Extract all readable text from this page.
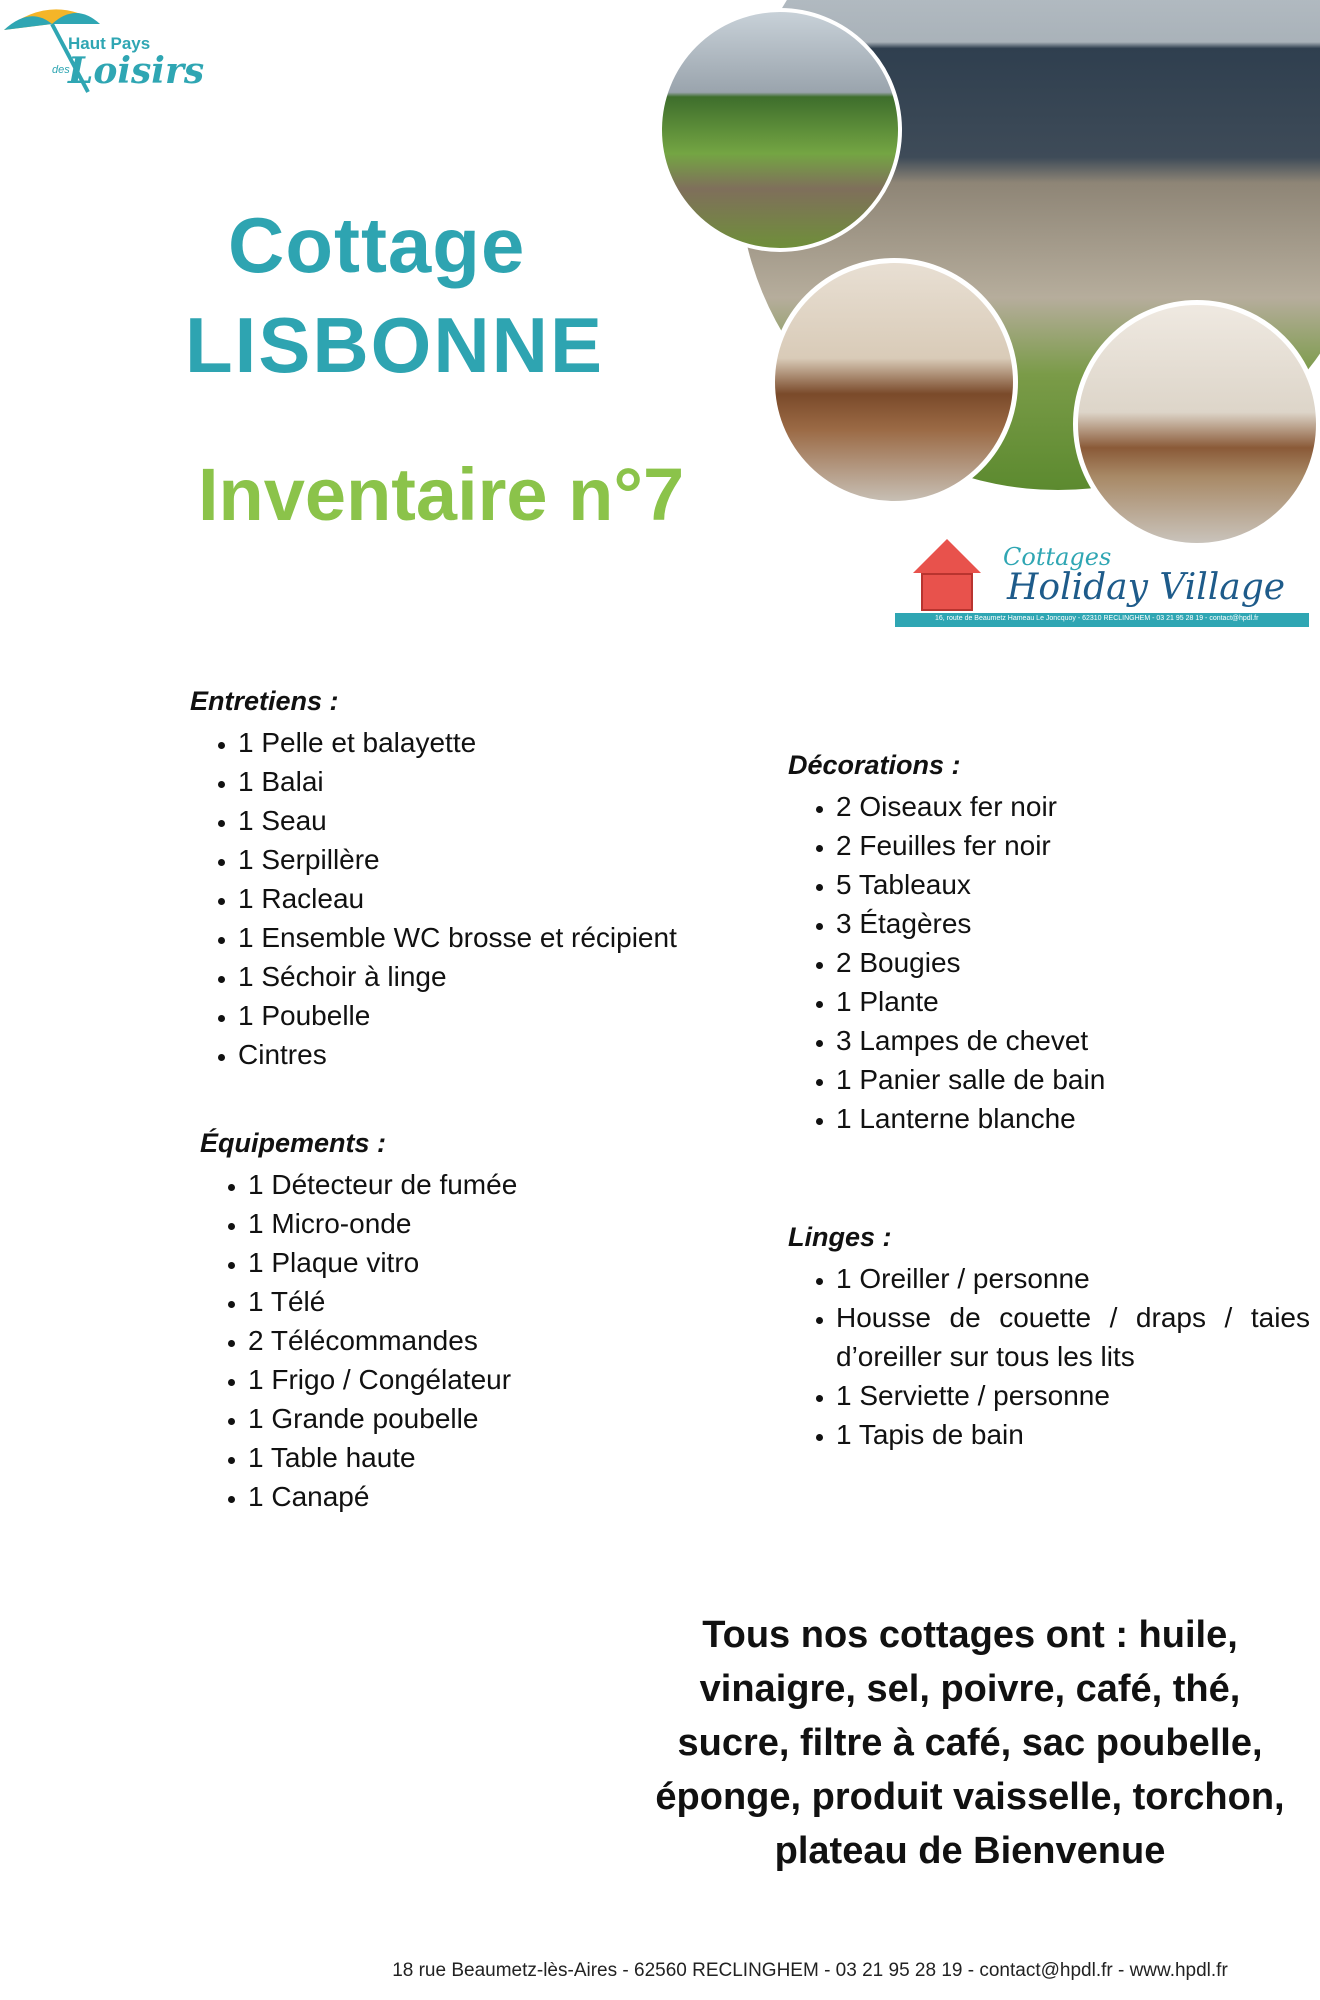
Haut Pays
des
Loisirs
Cottage
LISBONNE
Inventaire n°7
Cottages
Holiday Village
16, route de Beaumetz Hameau Le Joncquoy - 62310 RECLINGHEM - 03 21 95 28 19 - contact@hpdl.fr
Entretiens :
• 1 Pelle et balayette
• 1 Balai
• 1 Seau
• 1 Serpillère
• 1 Racleau
• 1 Ensemble WC brosse et récipient
• 1 Séchoir à linge
• 1 Poubelle
• Cintres
Équipements :
• 1 Détecteur de fumée
• 1 Micro-onde
• 1 Plaque vitro
• 1 Télé
• 2 Télécommandes
• 1 Frigo / Congélateur
• 1 Grande poubelle
• 1 Table haute
• 1 Canapé
Décorations :
• 2 Oiseaux fer noir
• 2 Feuilles fer noir
• 5 Tableaux
• 3 Étagères
• 2 Bougies
• 1 Plante
• 3 Lampes de chevet
• 1 Panier salle de bain
• 1 Lanterne blanche
Linges :
• 1 Oreiller / personne
• Housse de couette / draps / taies d’oreiller sur tous les lits
• 1 Serviette / personne
• 1 Tapis de bain
Tous nos cottages ont : huile, vinaigre, sel, poivre, café, thé, sucre, filtre à café, sac poubelle, éponge, produit vaisselle, torchon, plateau de Bienvenue
18 rue Beaumetz-lès-Aires - 62560 RECLINGHEM - 03 21 95 28 19 - contact@hpdl.fr - www.hpdl.fr
